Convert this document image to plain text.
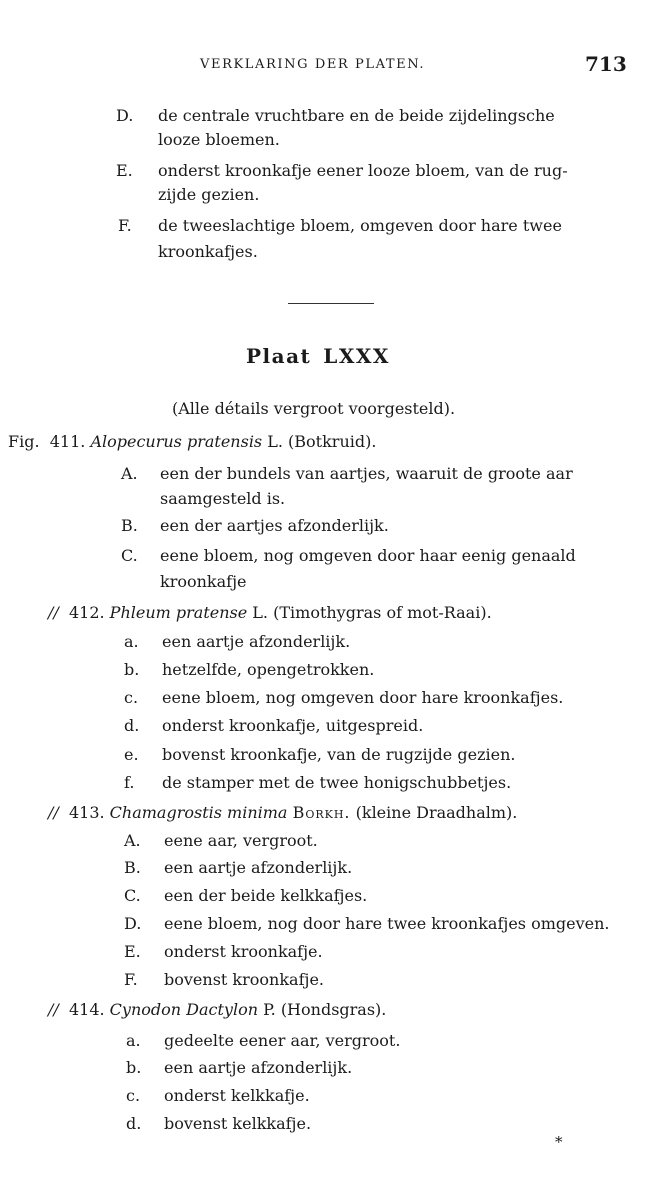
VERKLARING DER PLATEN.	713
D. de centrale vruchtbare en de beide zijdelingsche
looze bloemen.
E. onderst kroonkafje eener looze bloem, van de rug-
zijde gezien.
F. de tweeslachtige bloem, omgeven door hare twee
kroonkafjes.
Plaat LXXX
(Alle détails vergroot voorgesteld).
Fig. 411. Alopecurus pratensis L. (Botkruid).
A. een der bundels van aartjes, waaruit de groote aar
saamgesteld is.
B. een der aartjes afzonderlijk.
C. eene bloem, nog omgeven door haar eenig genaald
kroonkafje
// 412. Phleum pratense L. (Timothygras of mot-Raai).
a. een aartje afzonderlijk.
b. hetzelfde, opengetrokken.
c. eene bloem, nog omgeven door hare kroonkafjes.
d. onderst kroonkafje, uitgespreid.
e. bovenst kroonkafje, van de rugzijde gezien.
f. de stamper met de twee honigschubbetjes.
// 413. Chamagrostis minima Borkh. (kleine Draadhalm).
A. eene aar, vergroot.
B. een aartje afzonderlijk.
C. een der beide kelkkafjes.
D. eene bloem, nog door hare twee kroonkafjes omgeven.
E. onderst kroonkafje.
F. bovenst kroonkafje.
// 414. Cynodon Dactylon P. (Hondsgras).
a. gedeelte eener aar, vergroot.
b. een aartje afzonderlijk.
c. onderst kelkkafje.
d. bovenst kelkkafje.
*
